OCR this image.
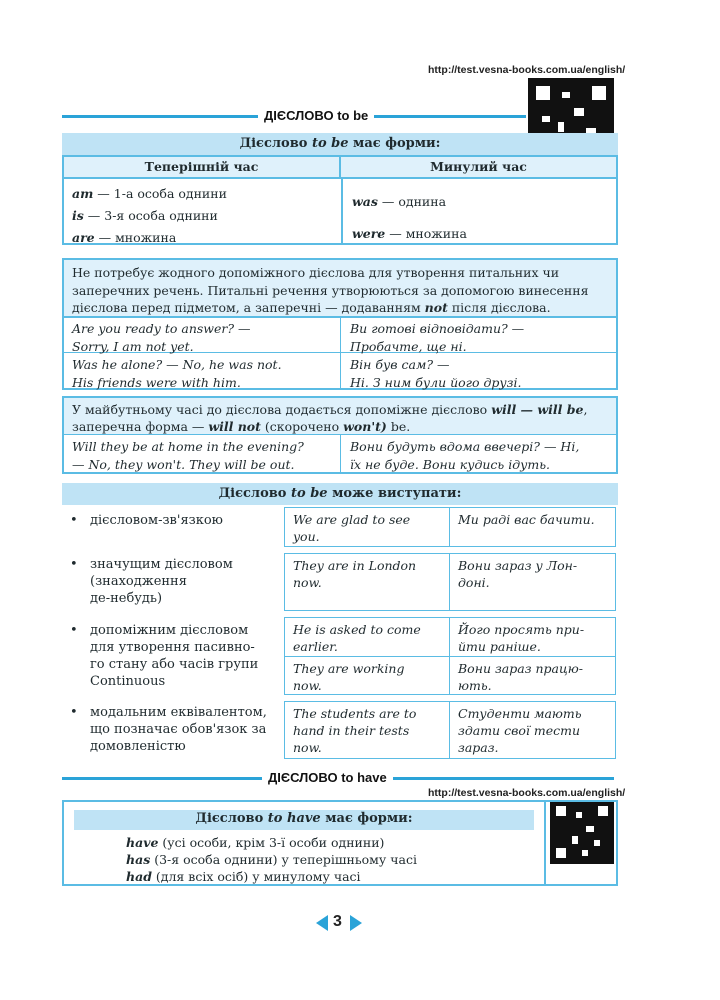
http://test.vesna-books.com.ua/english/
ДІЄСЛОВО to be
Дієслово to be має форми:
Теперішній час	Минулий час
am — 1-а особа однини
is — 3-я особа однини
are — множина
was — однина
were — множина
Не потребує жодного допоміжного дієслова для утворення питальних чи заперечних речень. Питальні речення утворюються за допомогою винесення дієслова перед підметом, а заперечні — додаванням not після дієслова.
Are you ready to answer? —
Sorry, I am not yet.
Ви готові відповідати? —
Пробачте, ще ні.
Was he alone? — No, he was not.
His friends were with him.
Він був сам? —
Ні. З ним були його друзі.
У майбутньому часі до дієслова додається допоміжне дієслово will — will be, заперечна форма — will not (скорочено won't) be.
Will they be at home in the evening?
— No, they won't. They will be out.
Вони будуть вдома ввечері? — Ні,
їх не буде. Вони кудись ідуть.
Дієслово to be може виступати:
• дієсловом-зв'язкою
• значущим дієсловом
(знаходження
де-небудь)
• допоміжним дієсловом
для утворення пасивно-
го стану або часів групи
Continuous
• модальним еквівалентом,
що позначає обов'язок за
домовленістю
We are glad to see
you.
Ми раді вас бачити.
They are in London
now.
Вони зараз у Лон-
доні.
He is asked to come
earlier.
Його просять при-
йти раніше.
They are working
now.
Вони зараз працю-
ють.
The students are to
hand in their tests
now.
Студенти мають
здати свої тести
зараз.
ДІЄСЛОВО to have
http://test.vesna-books.com.ua/english/
Дієслово to have має форми:
have (усі особи, крім 3-ї особи однини)
has (3-я особа однини) у теперішньому часі
had (для всіх осіб) у минулому часі
3
